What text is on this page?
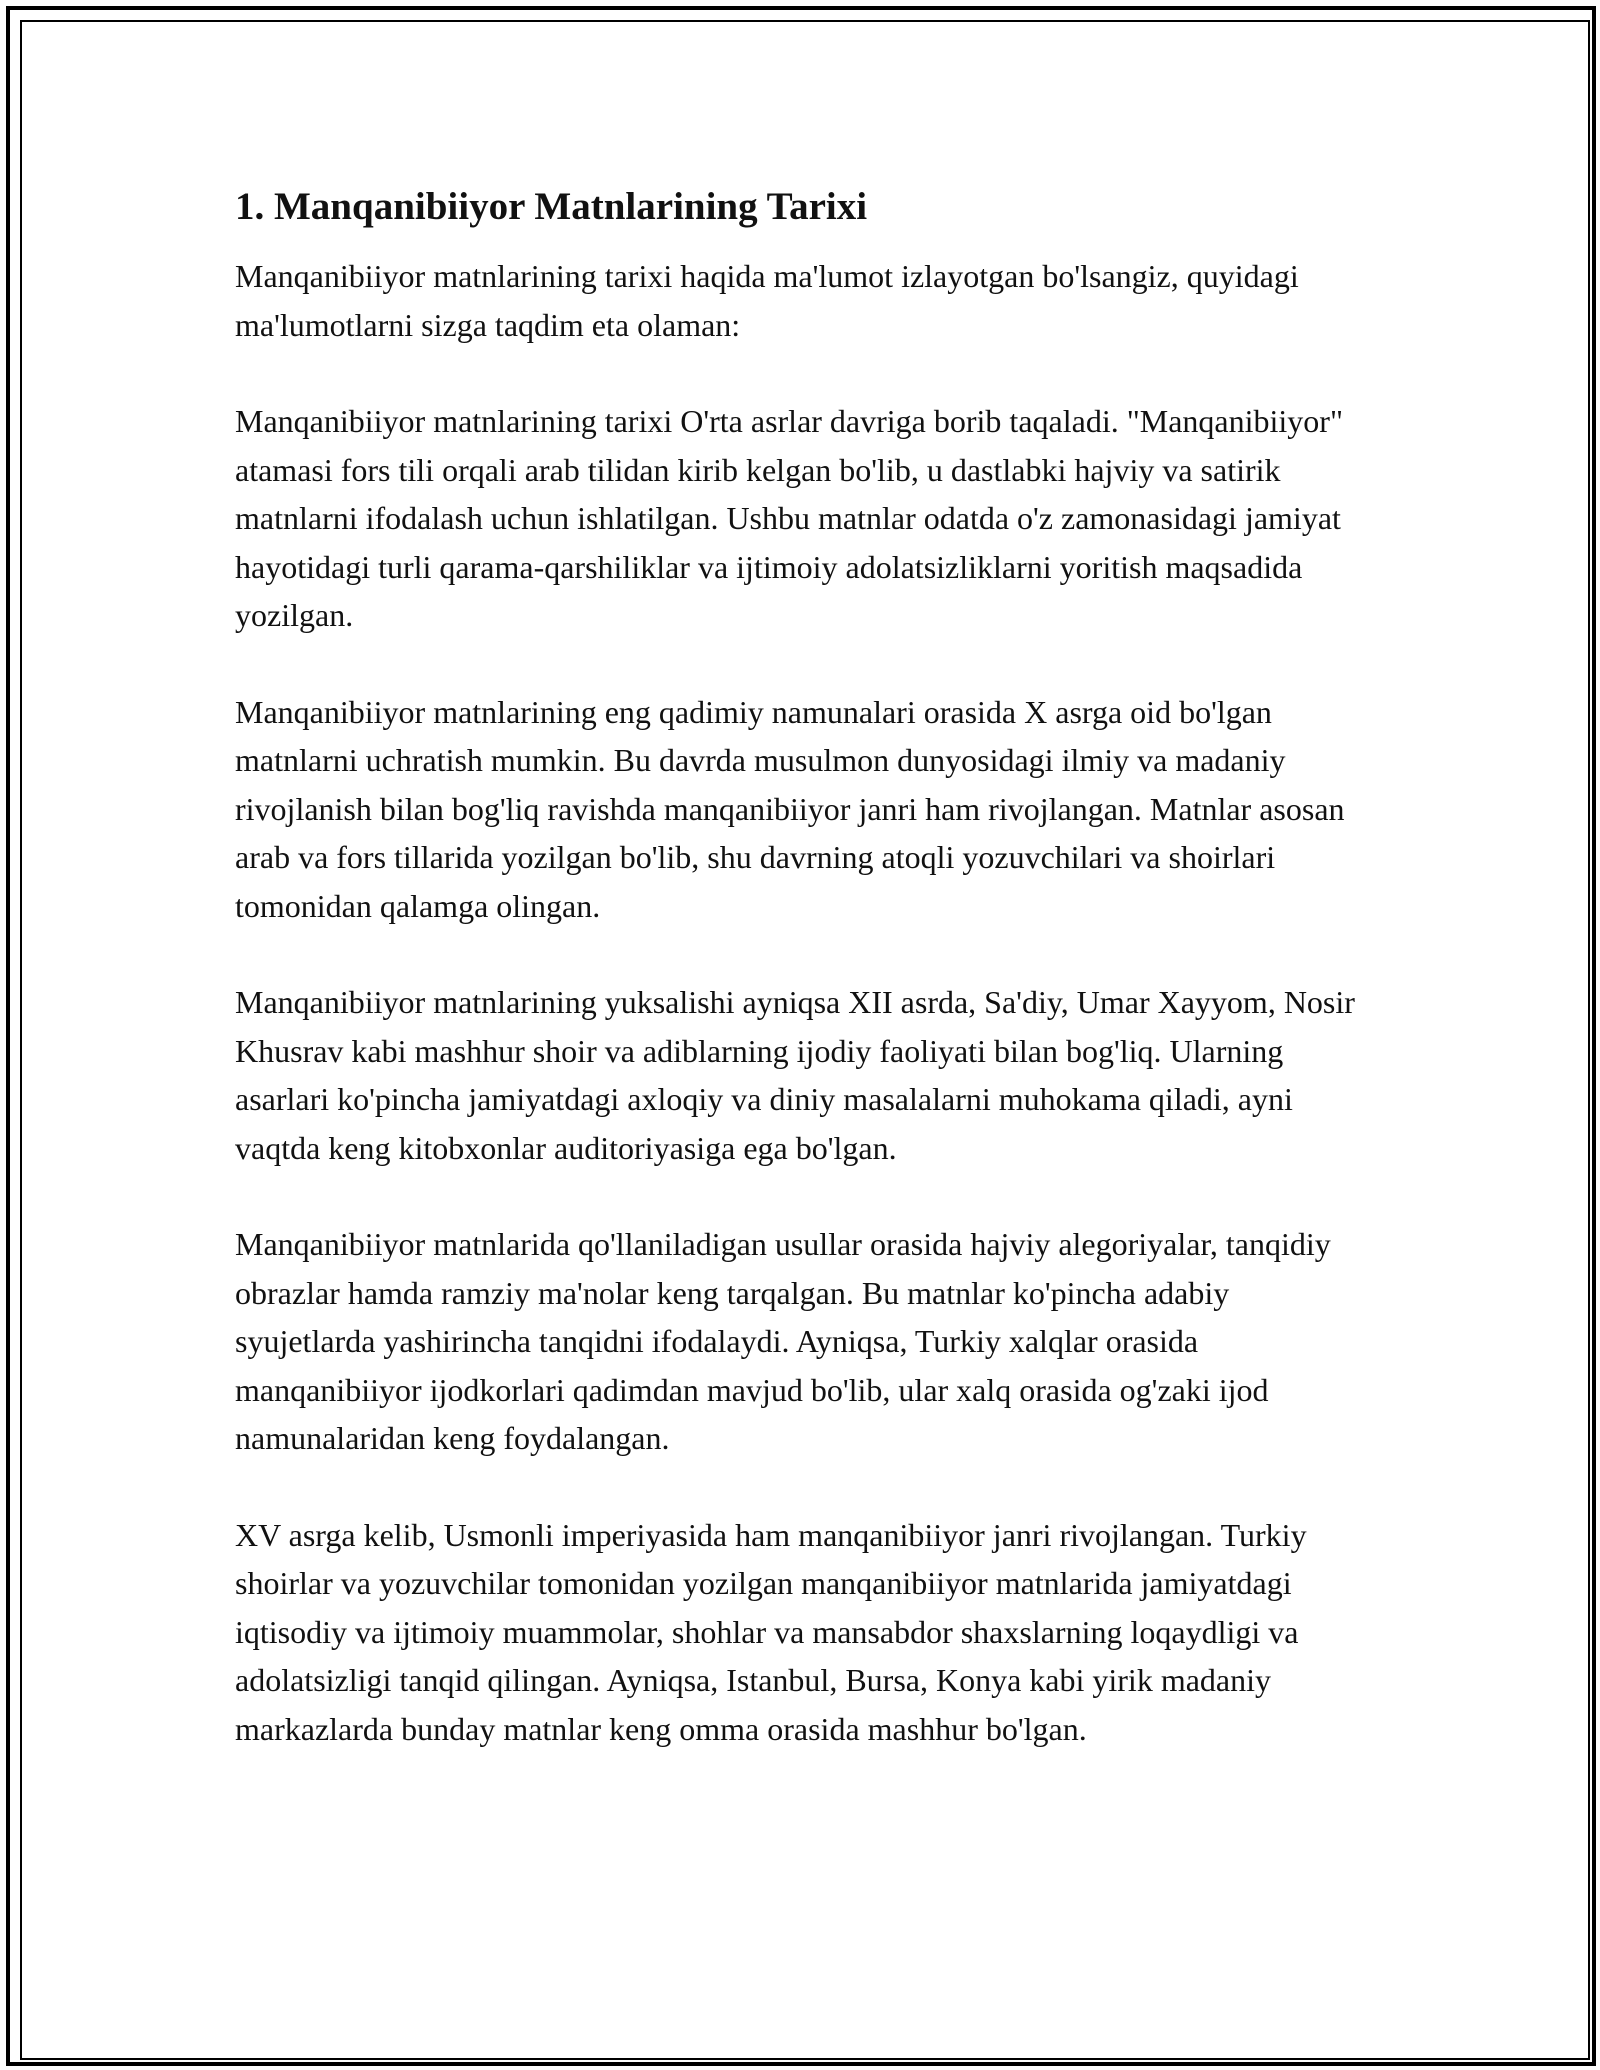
1. Manqanibiiyor Matnlarining Tarixi

Manqanibiiyor matnlarining tarixi haqida ma'lumot izlayotgan bo'lsangiz, quyidagi ma'lumotlarni sizga taqdim eta olaman:

Manqanibiiyor matnlarining tarixi O'rta asrlar davriga borib taqaladi. "Manqanibiiyor" atamasi fors tili orqali arab tilidan kirib kelgan bo'lib, u dastlabki hajviy va satirik matnlarni ifodalash uchun ishlatilgan. Ushbu matnlar odatda o'z zamonasidagi jamiyat hayotidagi turli qarama-qarshiliklar va ijtimoiy adolatsizliklarni yoritish maqsadida yozilgan.

Manqanibiiyor matnlarining eng qadimiy namunalari orasida X asrga oid bo'lgan matnlarni uchratish mumkin. Bu davrda musulmon dunyosidagi ilmiy va madaniy rivojlanish bilan bog'liq ravishda manqanibiiyor janri ham rivojlangan. Matnlar asosan arab va fors tillarida yozilgan bo'lib, shu davrning atoqli yozuvchilari va shoirlari tomonidan qalamga olingan.

Manqanibiiyor matnlarining yuksalishi ayniqsa XII asrda, Sa'diy, Umar Xayyom, Nosir Khusrav kabi mashhur shoir va adiblarning ijodiy faoliyati bilan bog'liq. Ularning asarlari ko'pincha jamiyatdagi axloqiy va diniy masalalarni muhokama qiladi, ayni vaqtda keng kitobxonlar auditoriyasiga ega bo'lgan.

Manqanibiiyor matnlarida qo'llaniladigan usullar orasida hajviy alegoriyalar, tanqidiy obrazlar hamda ramziy ma'nolar keng tarqalgan. Bu matnlar ko'pincha adabiy syujetlarda yashirincha tanqidni ifodalaydi. Ayniqsa, Turkiy xalqlar orasida manqanibiiyor ijodkorlari qadimdan mavjud bo'lib, ular xalq orasida og'zaki ijod namunalaridan keng foydalangan.

XV asrga kelib, Usmonli imperiyasida ham manqanibiiyor janri rivojlangan. Turkiy shoirlar va yozuvchilar tomonidan yozilgan manqanibiiyor matnlarida jamiyatdagi iqtisodiy va ijtimoiy muammolar, shohlar va mansabdor shaxslarning loqaydligi va adolatsizligi tanqid qilingan. Ayniqsa, Istanbul, Bursa, Konya kabi yirik madaniy markazlarda bunday matnlar keng omma orasida mashhur bo'lgan.
